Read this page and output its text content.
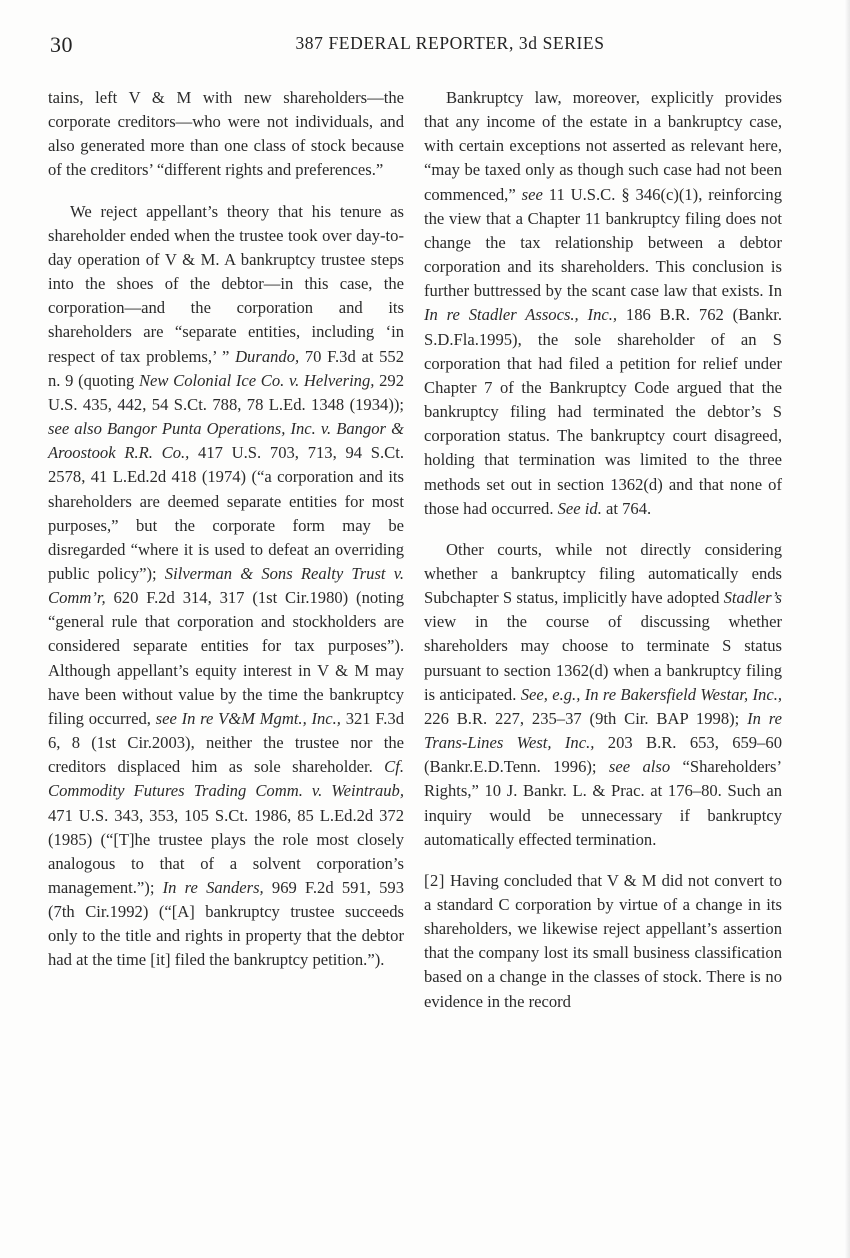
30	387 FEDERAL REPORTER, 3d SERIES

tains, left V & M with new shareholders—the corporate creditors—who were not individuals, and also generated more than one class of stock because of the creditors’ “different rights and preferences.”

We reject appellant’s theory that his tenure as shareholder ended when the trustee took over day-to-day operation of V & M. A bankruptcy trustee steps into the shoes of the debtor—in this case, the corporation—and the corporation and its shareholders are “separate entities, including ‘in respect of tax problems,’ ” Durando, 70 F.3d at 552 n. 9 (quoting New Colonial Ice Co. v. Helvering, 292 U.S. 435, 442, 54 S.Ct. 788, 78 L.Ed. 1348 (1934)); see also Bangor Punta Operations, Inc. v. Bangor & Aroostook R.R. Co., 417 U.S. 703, 713, 94 S.Ct. 2578, 41 L.Ed.2d 418 (1974) (“a corporation and its shareholders are deemed separate entities for most purposes,” but the corporate form may be disregarded “where it is used to defeat an overriding public policy”); Silverman & Sons Realty Trust v. Comm’r, 620 F.2d 314, 317 (1st Cir.1980) (noting “general rule that corporation and stockholders are considered separate entities for tax purposes”). Although appellant’s equity interest in V & M may have been without value by the time the bankruptcy filing occurred, see In re V&M Mgmt., Inc., 321 F.3d 6, 8 (1st Cir.2003), neither the trustee nor the creditors displaced him as sole shareholder. Cf. Commodity Futures Trading Comm. v. Weintraub, 471 U.S. 343, 353, 105 S.Ct. 1986, 85 L.Ed.2d 372 (1985) (“[T]he trustee plays the role most closely analogous to that of a solvent corporation’s management.”); In re Sanders, 969 F.2d 591, 593 (7th Cir.1992) (“[A] bankruptcy trustee succeeds only to the title and rights in property that the debtor had at the time [it] filed the bankruptcy petition.”).

Bankruptcy law, moreover, explicitly provides that any income of the estate in a bankruptcy case, with certain exceptions not asserted as relevant here, “may be taxed only as though such case had not been commenced,” see 11 U.S.C. § 346(c)(1), reinforcing the view that a Chapter 11 bankruptcy filing does not change the tax relationship between a debtor corporation and its shareholders. This conclusion is further buttressed by the scant case law that exists. In In re Stadler Assocs., Inc., 186 B.R. 762 (Bankr. S.D.Fla.1995), the sole shareholder of an S corporation that had filed a petition for relief under Chapter 7 of the Bankruptcy Code argued that the bankruptcy filing had terminated the debtor’s S corporation status. The bankruptcy court disagreed, holding that termination was limited to the three methods set out in section 1362(d) and that none of those had occurred. See id. at 764.

Other courts, while not directly considering whether a bankruptcy filing automatically ends Subchapter S status, implicitly have adopted Stadler’s view in the course of discussing whether shareholders may choose to terminate S status pursuant to section 1362(d) when a bankruptcy filing is anticipated. See, e.g., In re Bakersfield Westar, Inc., 226 B.R. 227, 235–37 (9th Cir. BAP 1998); In re Trans-Lines West, Inc., 203 B.R. 653, 659–60 (Bankr.E.D.Tenn. 1996); see also “Shareholders’ Rights,” 10 J. Bankr. L. & Prac. at 176–80. Such an inquiry would be unnecessary if bankruptcy automatically effected termination.

[2] Having concluded that V & M did not convert to a standard C corporation by virtue of a change in its shareholders, we likewise reject appellant’s assertion that the company lost its small business classification based on a change in the classes of stock. There is no evidence in the record
